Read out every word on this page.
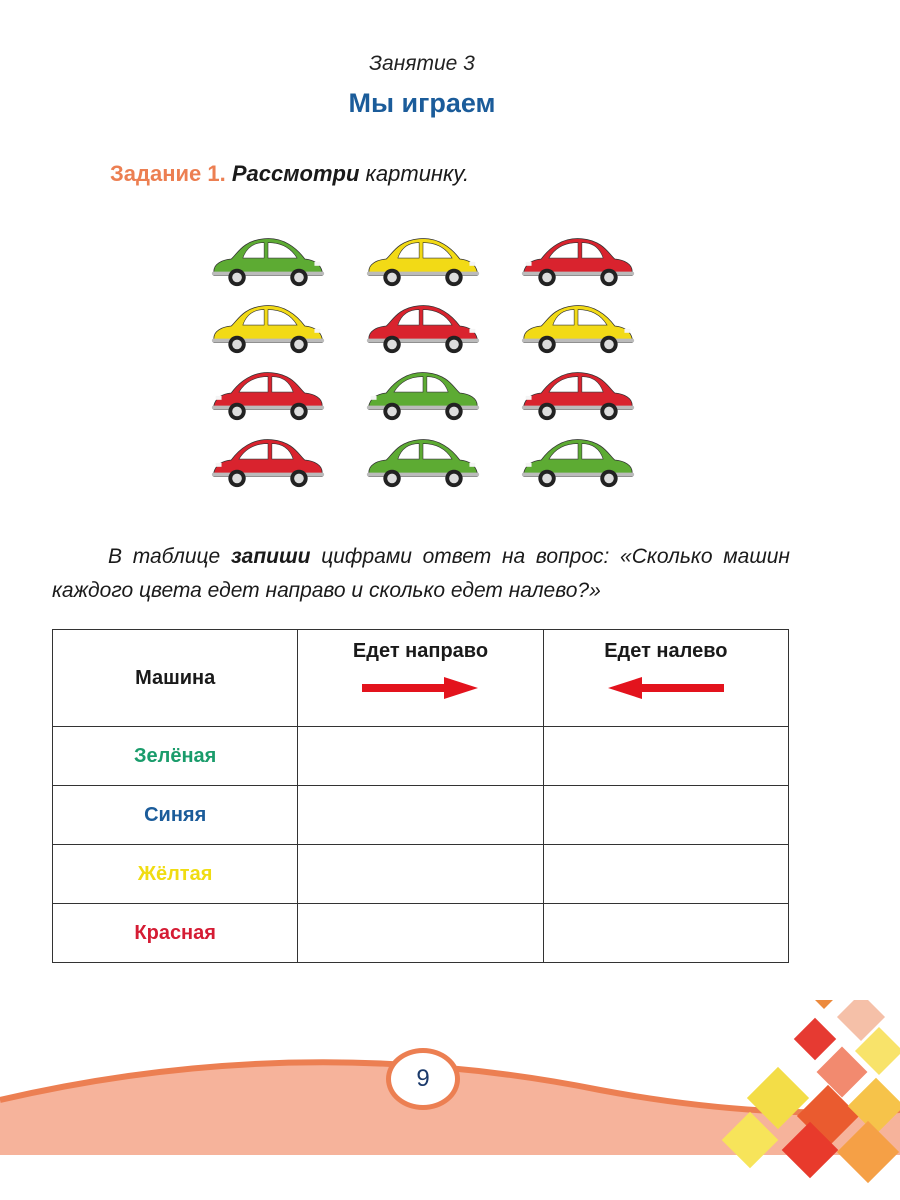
Занятие 3
Мы играем
Задание 1. Рассмотри картинку.
В таблице запиши цифрами ответ на вопрос: «Сколько машин каждого цвета едет направо и сколько едет налево?»
Машина	Едет направо	Едет налево

Зелёная		
Синяя		
Жёлтая		
Красная		
9
